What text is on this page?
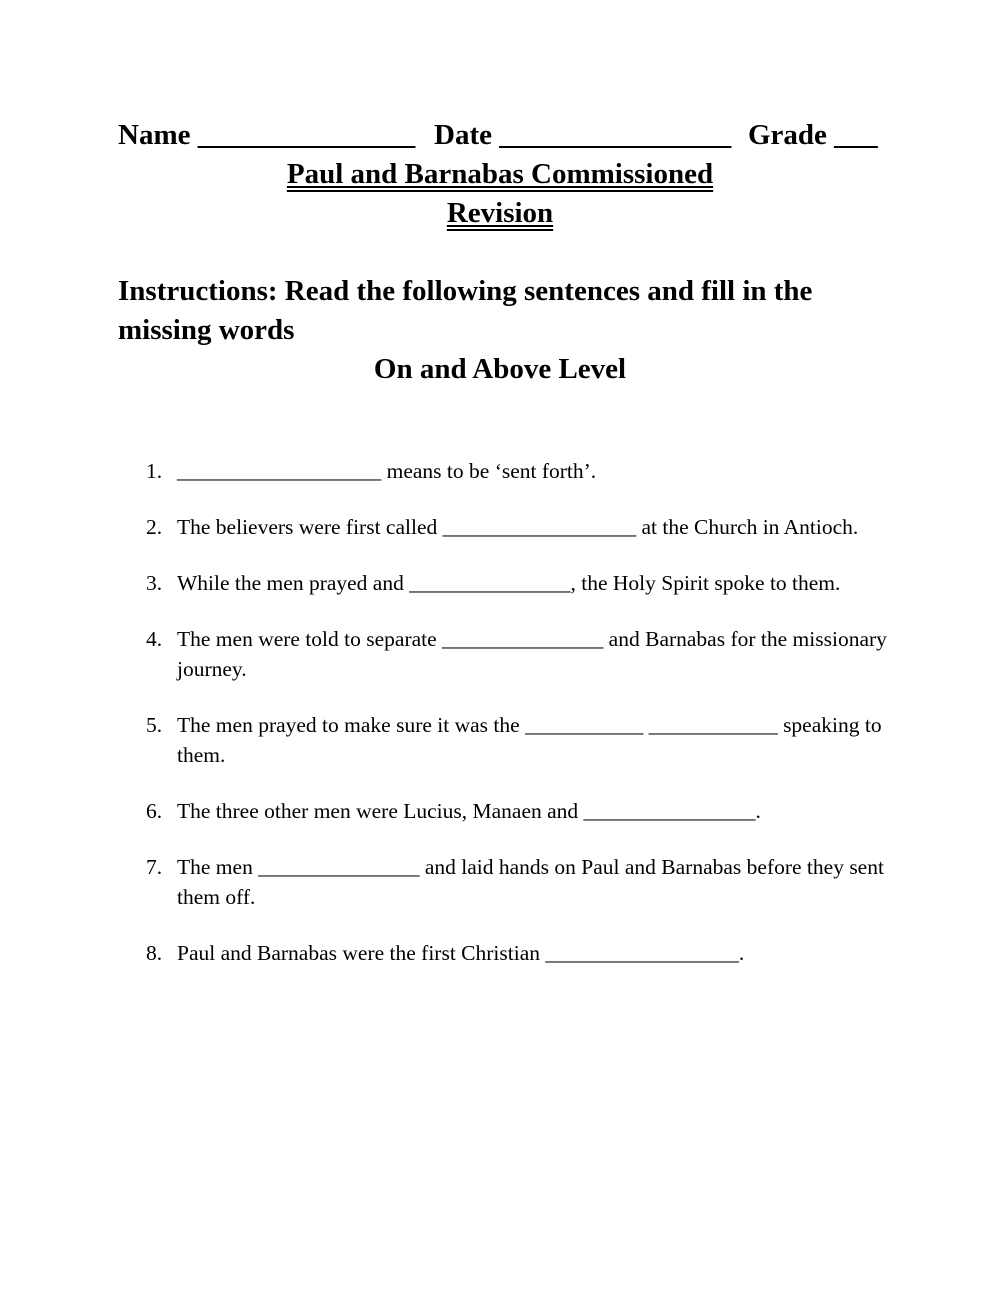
Name _______________ Date ________________ Grade ___
Paul and Barnabas Commissioned
Revision
Instructions: Read the following sentences and fill in the missing words
On and Above Level
1. ___________________ means to be ‘sent forth’.
2. The believers were first called __________________ at the Church in Antioch.
3. While the men prayed and _______________, the Holy Spirit spoke to them.
4. The men were told to separate _______________ and Barnabas for the missionary journey.
5. The men prayed to make sure it was the ___________ ____________ speaking to them.
6. The three other men were Lucius, Manaen and ________________.
7. The men _______________ and laid hands on Paul and Barnabas before they sent them off.
8. Paul and Barnabas were the first Christian __________________.
